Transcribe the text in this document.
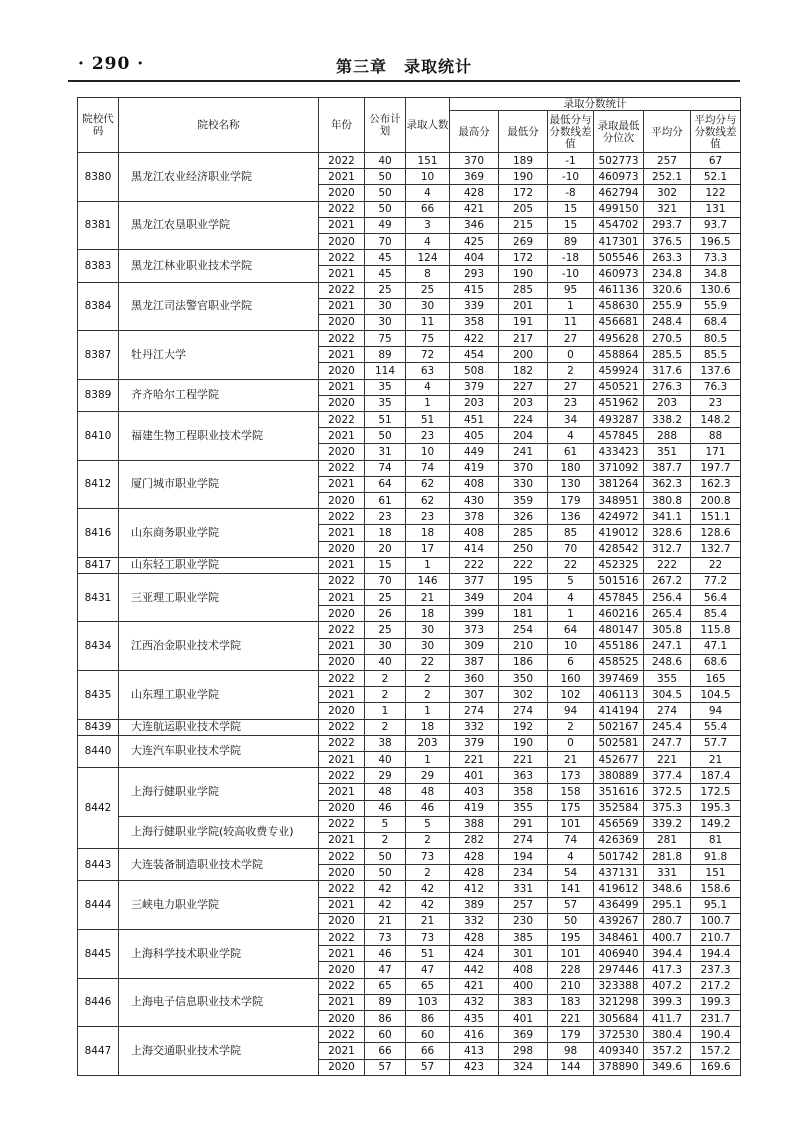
· 290 ·	第三章　录取统计
院校代码	院校名称	年份	公布计划	录取人数	录取分数统计					
					最高分	最低分	最低分与分数线差值	录取最低分位次	平均分	平均分与分数线差值
8380	黑龙江农业经济职业学院	2022	40	151	370	189	-1	502773	257	67
		2021	50	10	369	190	-10	460973	252.1	52.1
		2020	50	4	428	172	-8	462794	302	122
8381	黑龙江农垦职业学院	2022	50	66	421	205	15	499150	321	131
		2021	49	3	346	215	15	454702	293.7	93.7
		2020	70	4	425	269	89	417301	376.5	196.5
8383	黑龙江林业职业技术学院	2022	45	124	404	172	-18	505546	263.3	73.3
		2021	45	8	293	190	-10	460973	234.8	34.8
8384	黑龙江司法警官职业学院	2022	25	25	415	285	95	461136	320.6	130.6
		2021	30	30	339	201	1	458630	255.9	55.9
		2020	30	11	358	191	11	456681	248.4	68.4
8387	牡丹江大学	2022	75	75	422	217	27	495628	270.5	80.5
		2021	89	72	454	200	0	458864	285.5	85.5
		2020	114	63	508	182	2	459924	317.6	137.6
8389	齐齐哈尔工程学院	2021	35	4	379	227	27	450521	276.3	76.3
		2020	35	1	203	203	23	451962	203	23
8410	福建生物工程职业技术学院	2022	51	51	451	224	34	493287	338.2	148.2
		2021	50	23	405	204	4	457845	288	88
		2020	31	10	449	241	61	433423	351	171
8412	厦门城市职业学院	2022	74	74	419	370	180	371092	387.7	197.7
		2021	64	62	408	330	130	381264	362.3	162.3
		2020	61	62	430	359	179	348951	380.8	200.8
8416	山东商务职业学院	2022	23	23	378	326	136	424972	341.1	151.1
		2021	18	18	408	285	85	419012	328.6	128.6
		2020	20	17	414	250	70	428542	312.7	132.7
8417	山东轻工职业学院	2021	15	1	222	222	22	452325	222	22
8431	三亚理工职业学院	2022	70	146	377	195	5	501516	267.2	77.2
		2021	25	21	349	204	4	457845	256.4	56.4
		2020	26	18	399	181	1	460216	265.4	85.4
8434	江西冶金职业技术学院	2022	25	30	373	254	64	480147	305.8	115.8
		2021	30	30	309	210	10	455186	247.1	47.1
		2020	40	22	387	186	6	458525	248.6	68.6
8435	山东理工职业学院	2022	2	2	360	350	160	397469	355	165
		2021	2	2	307	302	102	406113	304.5	104.5
		2020	1	1	274	274	94	414194	274	94
8439	大连航运职业技术学院	2022	2	18	332	192	2	502167	245.4	55.4
8440	大连汽车职业技术学院	2022	38	203	379	190	0	502581	247.7	57.7
		2021	40	1	221	221	21	452677	221	21
8442	上海行健职业学院	2022	29	29	401	363	173	380889	377.4	187.4
		2021	48	48	403	358	158	351616	372.5	172.5
		2020	46	46	419	355	175	352584	375.3	195.3
	上海行健职业学院(较高收费专业)	2022	5	5	388	291	101	456569	339.2	149.2
		2021	2	2	282	274	74	426369	281	81
8443	大连装备制造职业技术学院	2022	50	73	428	194	4	501742	281.8	91.8
		2020	50	2	428	234	54	437131	331	151
8444	三峡电力职业学院	2022	42	42	412	331	141	419612	348.6	158.6
		2021	42	42	389	257	57	436499	295.1	95.1
		2020	21	21	332	230	50	439267	280.7	100.7
8445	上海科学技术职业学院	2022	73	73	428	385	195	348461	400.7	210.7
		2021	46	51	424	301	101	406940	394.4	194.4
		2020	47	47	442	408	228	297446	417.3	237.3
8446	上海电子信息职业技术学院	2022	65	65	421	400	210	323388	407.2	217.2
		2021	89	103	432	383	183	321298	399.3	199.3
		2020	86	86	435	401	221	305684	411.7	231.7
8447	上海交通职业技术学院	2022	60	60	416	369	179	372530	380.4	190.4
		2021	66	66	413	298	98	409340	357.2	157.2
		2020	57	57	423	324	144	378890	349.6	169.6
